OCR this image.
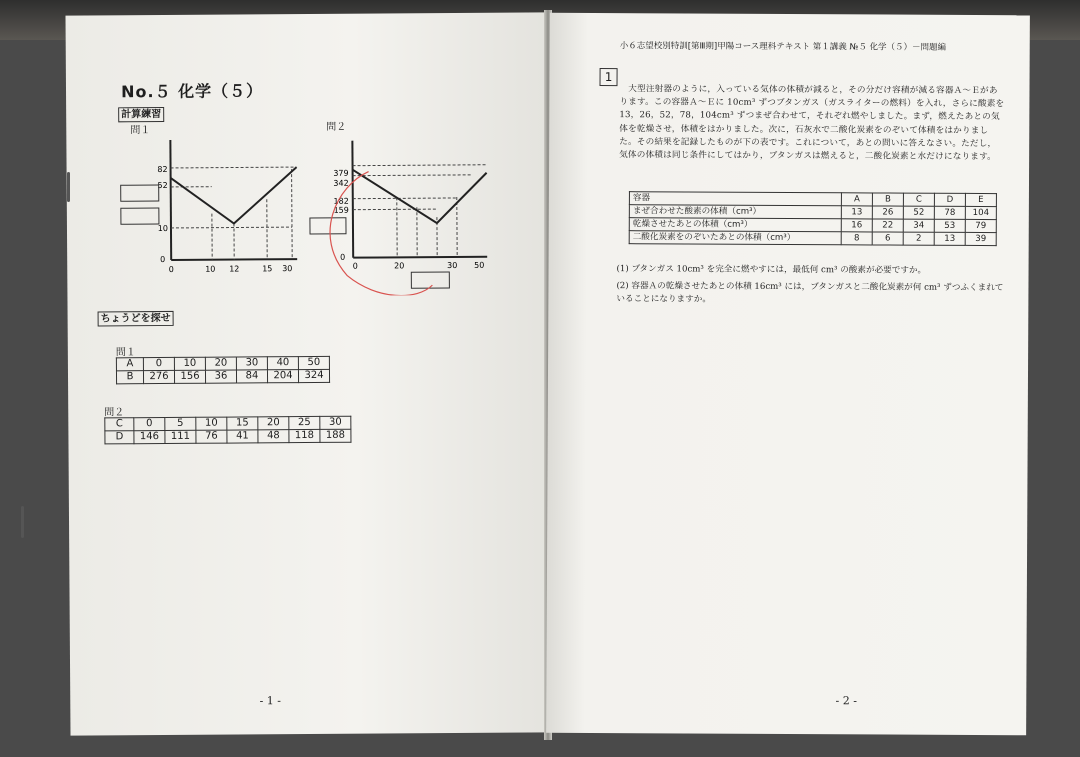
No.５ 化学（５）
計算練習
問１	問２
82
52
10
0
0	10 12	15 30
379
342
182
159
0
0	20	30 50
ちょうどを探せ
問１
A	0	10	20	30	40	50
B	276	156	36	84	204	324
問２
C	0	5	10	15	20	25	30
D	146	111	76	41	48	118	188
- 1 -
小６志望校別特訓[第Ⅲ期]甲陽コース理科テキスト 第１講義 №５ 化学（５）－問題編
1

　大型注射器のように，入っている気体の体積が減ると，その分だけ容積が減る容器Ａ～Ｅがあります。この容器Ａ～Ｅに 10cm³ ずつブタンガス（ガスライターの燃料）を入れ，さらに酸素を 13，26，52，78，104cm³ ずつまぜ合わせて，それぞれ燃やしました。まず，燃えたあとの気体を乾燥させ，体積をはかりました。次に，石灰水で二酸化炭素をのぞいて体積をはかりました。その結果を記録したものが下の表です。これについて，あとの問いに答えなさい。ただし，気体の体積は同じ条件にしてはかり，ブタンガスは燃えると，二酸化炭素と水だけになります。

容器	A	B	C	D	E
まぜ合わせた酸素の体積（cm³）	13	26	52	78	104
乾燥させたあとの体積（cm³）	16	22	34	53	79
二酸化炭素をのぞいたあとの体積（cm³）	8	6	2	13	39

(1) ブタンガス 10cm³ を完全に燃やすには，最低何 cm³ の酸素が必要ですか。

(2) 容器Ａの乾燥させたあとの体積 16cm³ には，ブタンガスと二酸化炭素が何 cm³ ずつふくまれていることになりますか。

- 2 -
